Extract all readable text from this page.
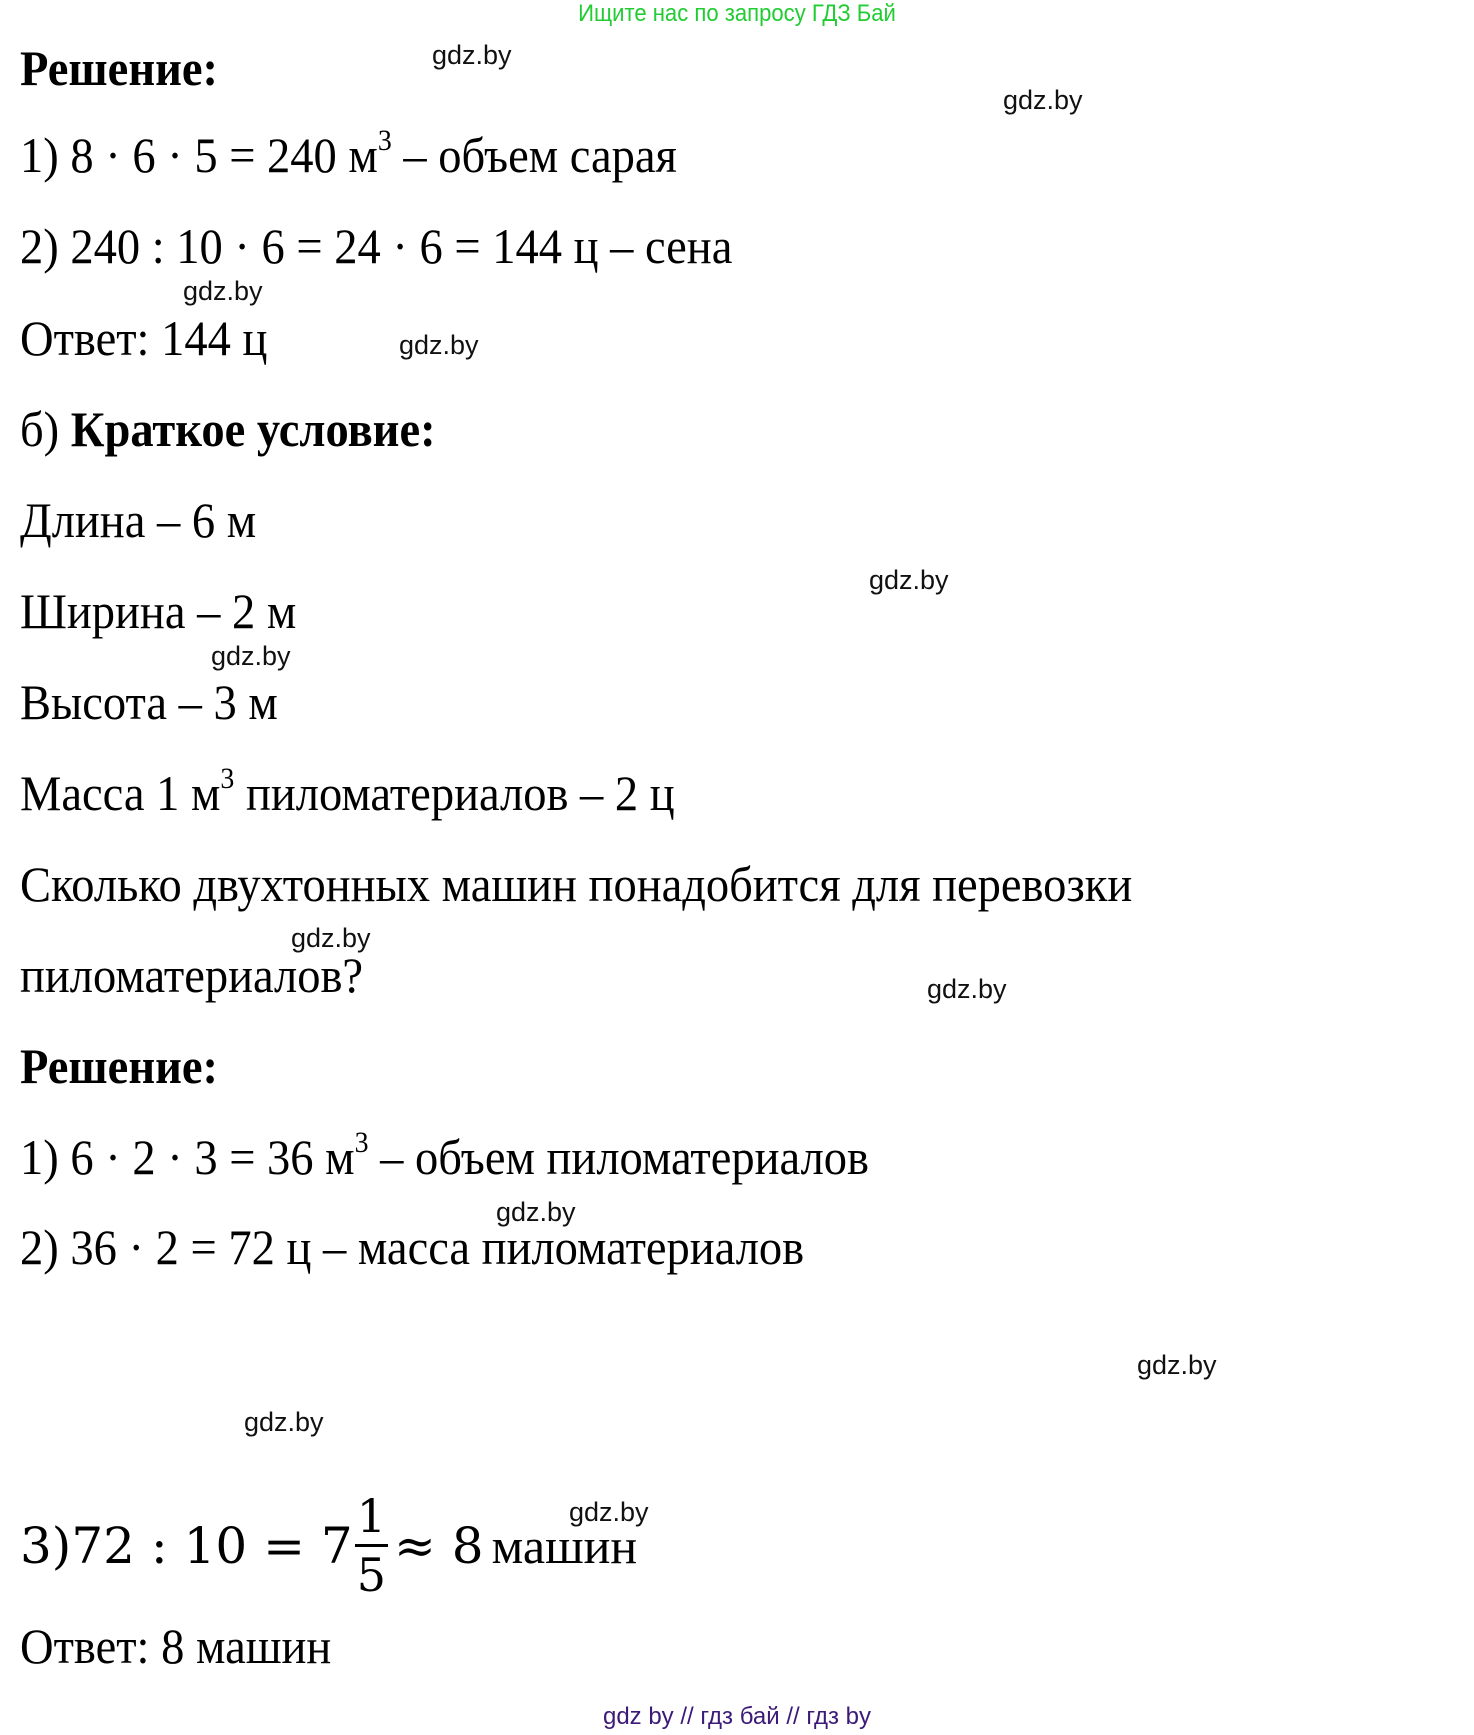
Ищите нас по запросу ГДЗ Бай
Решение:
1) 8 · 6 · 5 = 240 $м^3$ – объем сарая
2) 240 : 10 · 6 = 24 · 6 = 144 ц – сена
Ответ: 144 ц
б) Краткое условие:
Длина – 6 м
Ширина – 2 м
Высота – 3 м
Масса 1 $м^3$ пиломатериалов – 2 ц
Сколько двухтонных машин понадобится для перевозки
пиломатериалов?
Решение:
1) 6 · 2 · 3 = 36 $м^3$ – объем пиломатериалов
2) 36 · 2 = 72 ц – масса пиломатериалов
3)72 : $10 = 7 \frac{1}{5} \approx 8$ машин
Ответ: 8 машин
gdz.by
gdz.by
gdz.by
gdz.by
gdz.by
gdz.by
gdz.by
gdz.by
gdz.by
gdz.by
gdz.by
gdz.by
gdz by // гдз бай // гдз by
